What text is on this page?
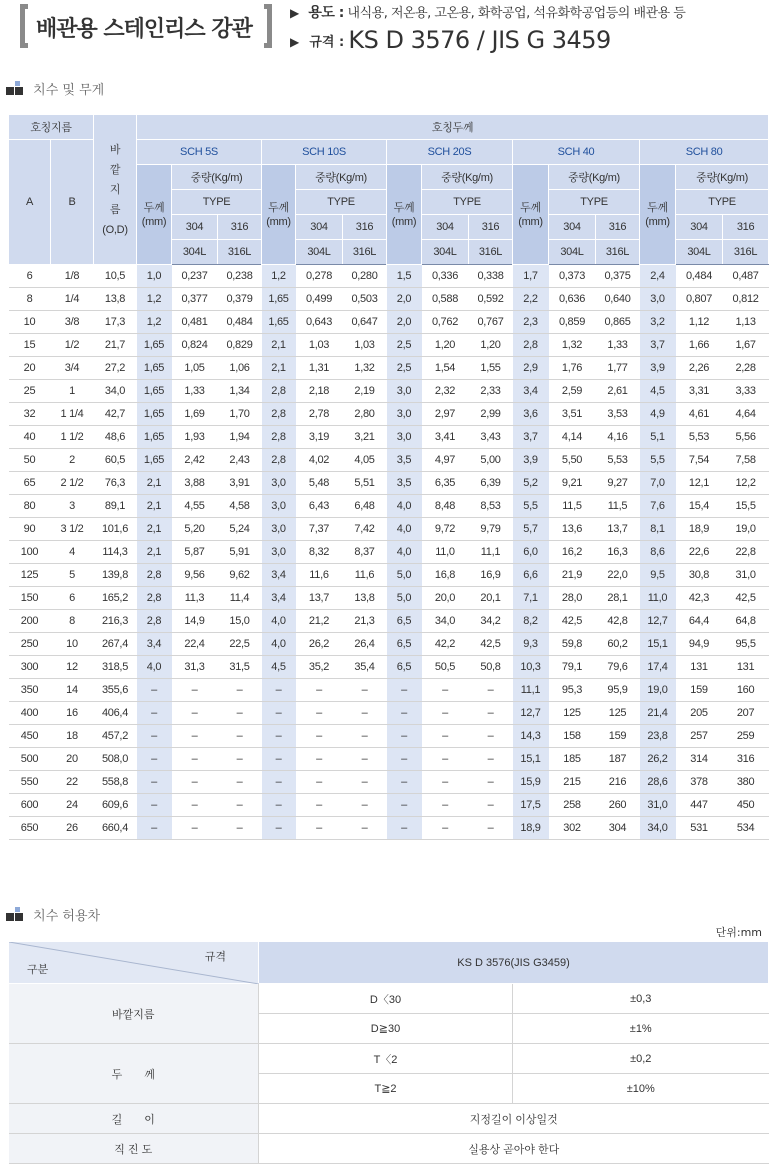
배관용 스테인리스 강관
▶ 용도 : 내식용, 저온용, 고온용, 화학공업, 석유화학공업등의 배관용 등
▶ 규격 : KS D 3576 / JIS G 3459
치수 및 무게
호칭지름		바
깥
지
름
(O,D)	호칭두께														
A	B		SCH 5S			SCH 10S			SCH 20S			SCH 40			SCH 80		
			두께
(mm)	중량(Kg/m)		두께
(mm)	중량(Kg/m)		두께
(mm)	중량(Kg/m)		두께
(mm)	중량(Kg/m)		두께
(mm)	중량(Kg/m)	
				TYPE			TYPE			TYPE			TYPE			TYPE	
				304	316		304	316		304	316		304	316		304	316
				304L	316L		304L	316L		304L	316L		304L	316L		304L	316L
6	1/8	10,5	1,0	0,237	0,238	1,2	0,278	0,280	1,5	0,336	0,338	1,7	0,373	0,375	2,4	0,484	0,487
8	1/4	13,8	1,2	0,377	0,379	1,65	0,499	0,503	2,0	0,588	0,592	2,2	0,636	0,640	3,0	0,807	0,812
10	3/8	17,3	1,2	0,481	0,484	1,65	0,643	0,647	2,0	0,762	0,767	2,3	0,859	0,865	3,2	1,12	1,13
15	1/2	21,7	1,65	0,824	0,829	2,1	1,03	1,03	2,5	1,20	1,20	2,8	1,32	1,33	3,7	1,66	1,67
20	3/4	27,2	1,65	1,05	1,06	2,1	1,31	1,32	2,5	1,54	1,55	2,9	1,76	1,77	3,9	2,26	2,28
25	1	34,0	1,65	1,33	1,34	2,8	2,18	2,19	3,0	2,32	2,33	3,4	2,59	2,61	4,5	3,31	3,33
32	1 1/4	42,7	1,65	1,69	1,70	2,8	2,78	2,80	3,0	2,97	2,99	3,6	3,51	3,53	4,9	4,61	4,64
40	1 1/2	48,6	1,65	1,93	1,94	2,8	3,19	3,21	3,0	3,41	3,43	3,7	4,14	4,16	5,1	5,53	5,56
50	2	60,5	1,65	2,42	2,43	2,8	4,02	4,05	3,5	4,97	5,00	3,9	5,50	5,53	5,5	7,54	7,58
65	2 1/2	76,3	2,1	3,88	3,91	3,0	5,48	5,51	3,5	6,35	6,39	5,2	9,21	9,27	7,0	12,1	12,2
80	3	89,1	2,1	4,55	4,58	3,0	6,43	6,48	4,0	8,48	8,53	5,5	11,5	11,5	7,6	15,4	15,5
90	3 1/2	101,6	2,1	5,20	5,24	3,0	7,37	7,42	4,0	9,72	9,79	5,7	13,6	13,7	8,1	18,9	19,0
100	4	114,3	2,1	5,87	5,91	3,0	8,32	8,37	4,0	11,0	11,1	6,0	16,2	16,3	8,6	22,6	22,8
125	5	139,8	2,8	9,56	9,62	3,4	11,6	11,6	5,0	16,8	16,9	6,6	21,9	22,0	9,5	30,8	31,0
150	6	165,2	2,8	11,3	11,4	3,4	13,7	13,8	5,0	20,0	20,1	7,1	28,0	28,1	11,0	42,3	42,5
200	8	216,3	2,8	14,9	15,0	4,0	21,2	21,3	6,5	34,0	34,2	8,2	42,5	42,8	12,7	64,4	64,8
250	10	267,4	3,4	22,4	22,5	4,0	26,2	26,4	6,5	42,2	42,5	9,3	59,8	60,2	15,1	94,9	95,5
300	12	318,5	4,0	31,3	31,5	4,5	35,2	35,4	6,5	50,5	50,8	10,3	79,1	79,6	17,4	131	131
350	14	355,6	–	–	–	–	–	–	–	–	–	11,1	95,3	95,9	19,0	159	160
400	16	406,4	–	–	–	–	–	–	–	–	–	12,7	125	125	21,4	205	207
450	18	457,2	–	–	–	–	–	–	–	–	–	14,3	158	159	23,8	257	259
500	20	508,0	–	–	–	–	–	–	–	–	–	15,1	185	187	26,2	314	316
550	22	558,8	–	–	–	–	–	–	–	–	–	15,9	215	216	28,6	378	380
600	24	609,6	–	–	–	–	–	–	–	–	–	17,5	258	260	31,0	447	450
650	26	660,4	–	–	–	–	–	–	–	–	–	18,9	302	304	34,0	531	534
치수 허용차
단위:mm
규격
구분	KS D 3576(JIS G3459)	
바깥지름	D〈30	±0,3
	D≧30	±1%
두　　께	T〈2	±0,2
	T≧2	±10%
길　　이	지정길이 이상일것	
직 진 도	실용상 곧아야 한다	
